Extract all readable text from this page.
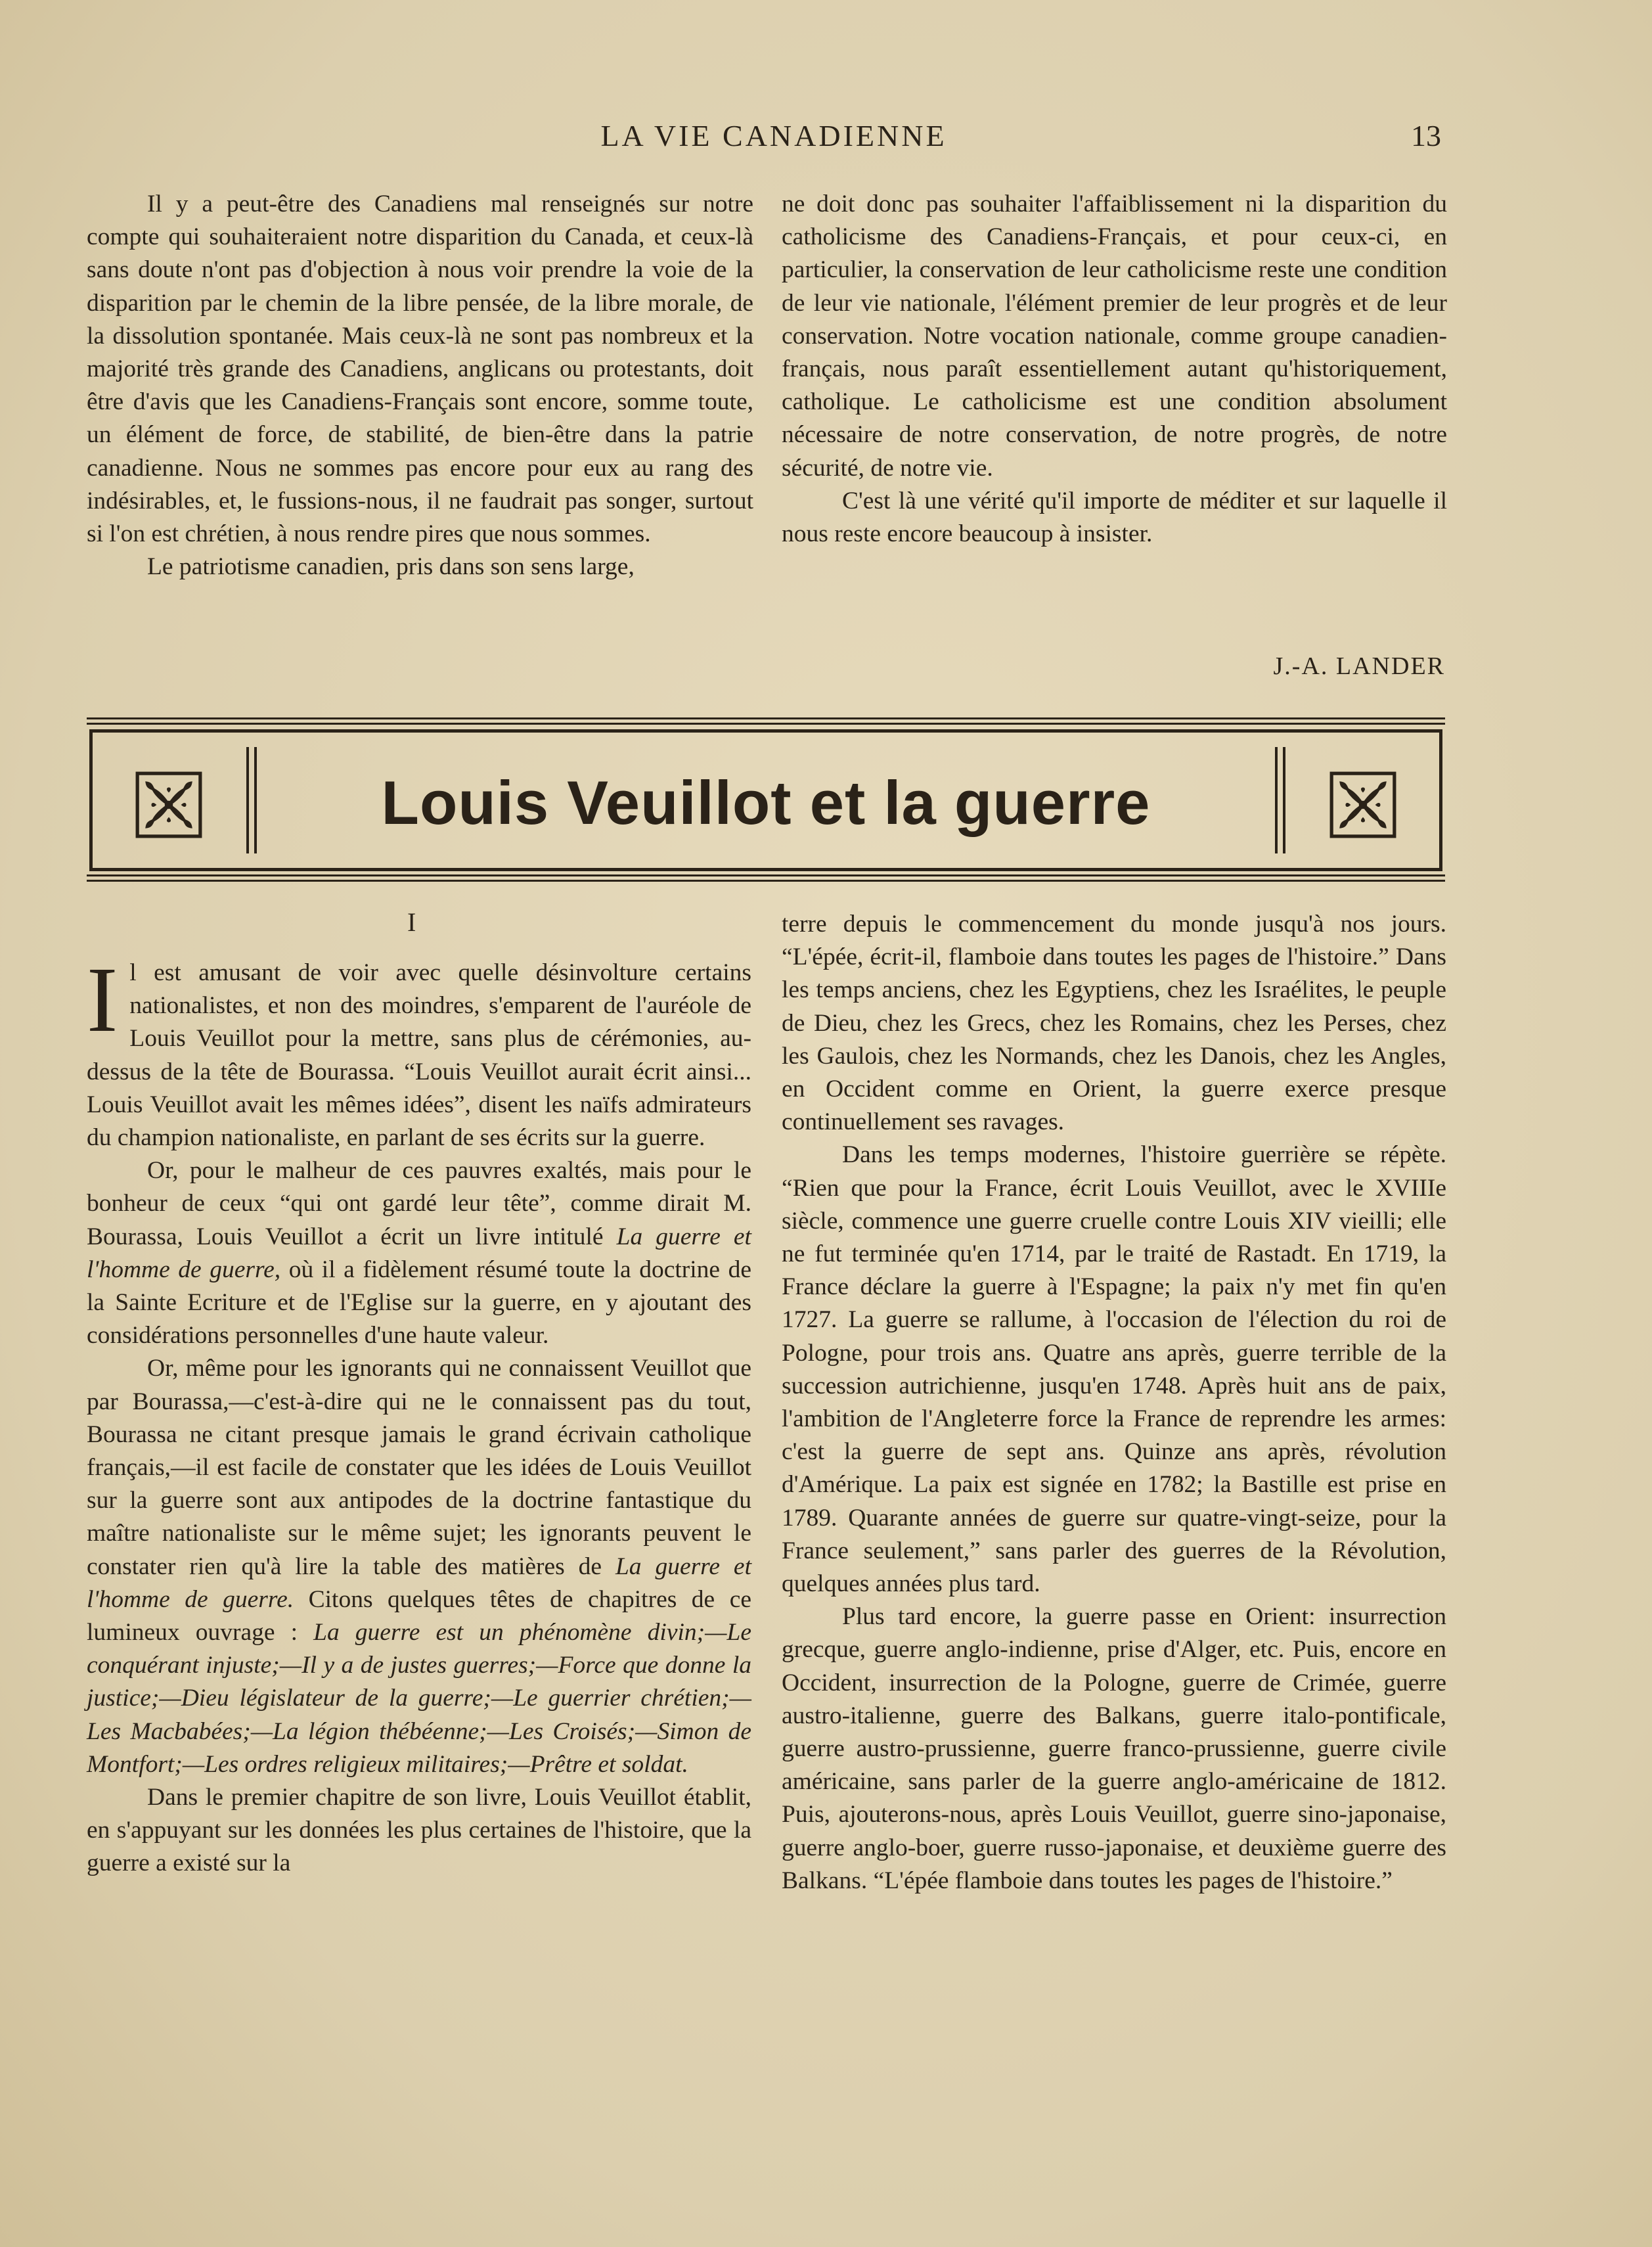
LA VIE CANADIENNE	13

Il y a peut-être des Canadiens mal renseignés sur notre compte qui souhaiteraient notre disparition du Canada, et ceux-là sans doute n'ont pas d'objection à nous voir prendre la voie de la disparition par le chemin de la libre pensée, de la libre morale, de la dissolution spontanée. Mais ceux-là ne sont pas nombreux et la majorité très grande des Canadiens, anglicans ou protestants, doit être d'avis que les Canadiens-Français sont encore, somme toute, un élément de force, de stabilité, de bien-être dans la patrie canadienne. Nous ne sommes pas encore pour eux au rang des indésirables, et, le fussions-nous, il ne faudrait pas songer, surtout si l'on est chrétien, à nous rendre pires que nous sommes.

Le patriotisme canadien, pris dans son sens large,

ne doit donc pas souhaiter l'affaiblissement ni la disparition du catholicisme des Canadiens-Français, et pour ceux-ci, en particulier, la conservation de leur catholicisme reste une condition de leur vie nationale, l'élément premier de leur progrès et de leur conservation. Notre vocation nationale, comme groupe canadien-français, nous paraît essentiellement autant qu'historiquement, catholique. Le catholicisme est une condition absolument nécessaire de notre conservation, de notre progrès, de notre sécurité, de notre vie.

C'est là une vérité qu'il importe de méditer et sur laquelle il nous reste encore beaucoup à insister.

J.-A. LANDER
Louis Veuillot et la guerre
I

Il est amusant de voir avec quelle désinvolture certains nationalistes, et non des moindres, s'emparent de l'auréole de Louis Veuillot pour la mettre, sans plus de cérémonies, au-dessus de la tête de Bourassa. “Louis Veuillot aurait écrit ainsi... Louis Veuillot avait les mêmes idées”, disent les naïfs admirateurs du champion nationaliste, en parlant de ses écrits sur la guerre.

Or, pour le malheur de ces pauvres exaltés, mais pour le bonheur de ceux “qui ont gardé leur tête”, comme dirait M. Bourassa, Louis Veuillot a écrit un livre intitulé La guerre et l'homme de guerre, où il a fidèlement résumé toute la doctrine de la Sainte Ecriture et de l'Eglise sur la guerre, en y ajoutant des considérations personnelles d'une haute valeur.

Or, même pour les ignorants qui ne connaissent Veuillot que par Bourassa,—c'est-à-dire qui ne le connaissent pas du tout, Bourassa ne citant presque jamais le grand écrivain catholique français,—il est facile de constater que les idées de Louis Veuillot sur la guerre sont aux antipodes de la doctrine fantastique du maître nationaliste sur le même sujet; les ignorants peuvent le constater rien qu'à lire la table des matières de La guerre et l'homme de guerre. Citons quelques têtes de chapitres de ce lumineux ouvrage : La guerre est un phénomène divin;—Le conquérant injuste;—Il y a de justes guerres;—Force que donne la justice;—Dieu législateur de la guerre;—Le guerrier chrétien;—Les Macbabées;—La légion thébéenne;—Les Croisés;—Simon de Montfort;—Les ordres religieux militaires;—Prêtre et soldat.

Dans le premier chapitre de son livre, Louis Veuillot établit, en s'appuyant sur les données les plus certaines de l'histoire, que la guerre a existé sur la

terre depuis le commencement du monde jusqu'à nos jours. “L'épée, écrit-il, flamboie dans toutes les pages de l'histoire.” Dans les temps anciens, chez les Egyptiens, chez les Israélites, le peuple de Dieu, chez les Grecs, chez les Romains, chez les Perses, chez les Gaulois, chez les Normands, chez les Danois, chez les Angles, en Occident comme en Orient, la guerre exerce presque continuellement ses ravages.

Dans les temps modernes, l'histoire guerrière se répète. “Rien que pour la France, écrit Louis Veuillot, avec le XVIIIe siècle, commence une guerre cruelle contre Louis XIV vieilli; elle ne fut terminée qu'en 1714, par le traité de Rastadt. En 1719, la France déclare la guerre à l'Espagne; la paix n'y met fin qu'en 1727. La guerre se rallume, à l'occasion de l'élection du roi de Pologne, pour trois ans. Quatre ans après, guerre terrible de la succession autrichienne, jusqu'en 1748. Après huit ans de paix, l'ambition de l'Angleterre force la France de reprendre les armes: c'est la guerre de sept ans. Quinze ans après, révolution d'Amérique. La paix est signée en 1782; la Bastille est prise en 1789. Quarante années de guerre sur quatre-vingt-seize, pour la France seulement,” sans parler des guerres de la Révolution, quelques années plus tard.

Plus tard encore, la guerre passe en Orient: insurrection grecque, guerre anglo-indienne, prise d'Alger, etc. Puis, encore en Occident, insurrection de la Pologne, guerre de Crimée, guerre austro-italienne, guerre des Balkans, guerre italo-pontificale, guerre austro-prussienne, guerre franco-prussienne, guerre civile américaine, sans parler de la guerre anglo-américaine de 1812. Puis, ajouterons-nous, après Louis Veuillot, guerre sino-japonaise, guerre anglo-boer, guerre russo-japonaise, et deuxième guerre des Balkans. “L'épée flamboie dans toutes les pages de l'histoire.”
